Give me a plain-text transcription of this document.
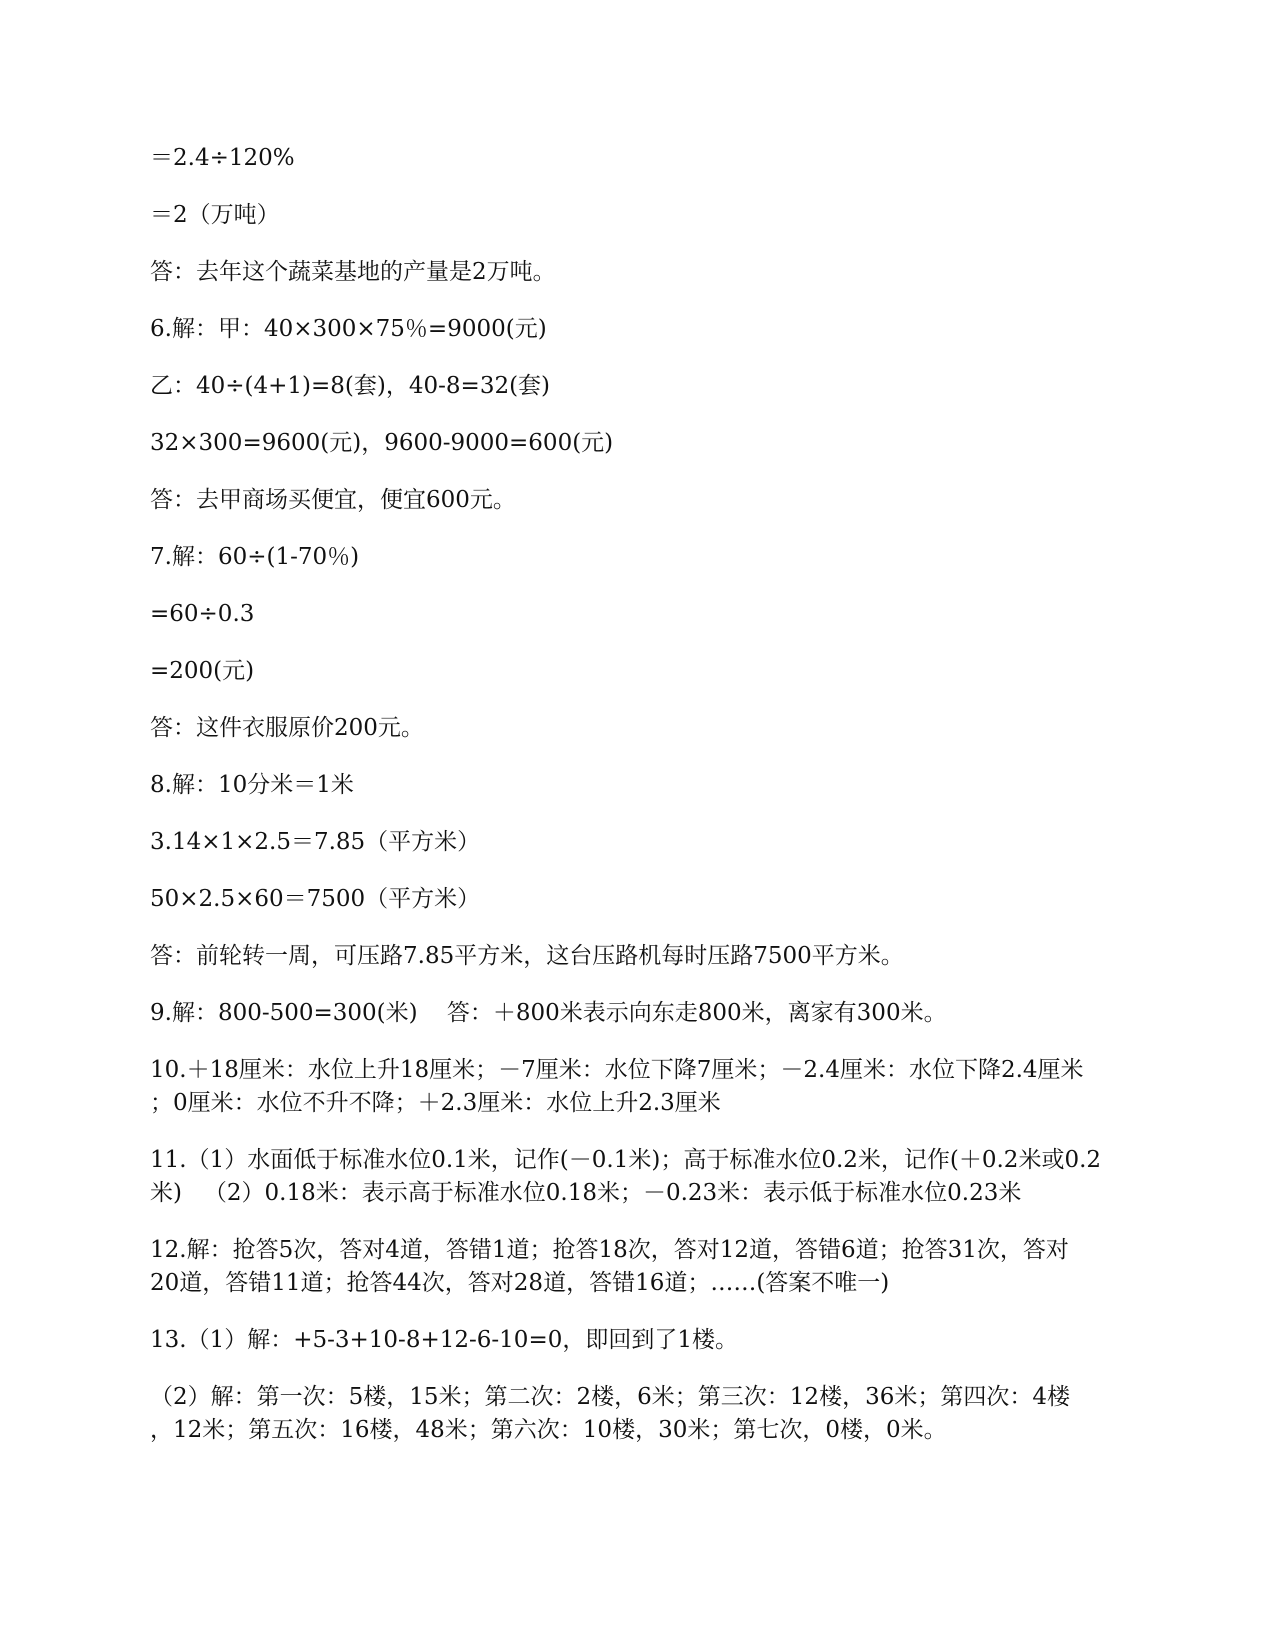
＝2.4÷120%
＝2（万吨）
答：去年这个蔬菜基地的产量是2万吨。
6.解：甲：40×300×75％=9000(元)
乙：40÷(4+1)=8(套)，40-8=32(套)
32×300=9600(元)，9600-9000=600(元)
答：去甲商场买便宜，便宜600元。
7.解：60÷(1-70％)
=60÷0.3
=200(元)
答：这件衣服原价200元。
8.解：10分米＝1米
3.14×1×2.5＝7.85（平方米）
50×2.5×60＝7500（平方米）
答：前轮转一周，可压路7.85平方米，这台压路机每时压路7500平方米。
9.解：800-500=300(米)    答：＋800米表示向东走800米，离家有300米。
10.＋18厘米：水位上升18厘米；－7厘米：水位下降7厘米；－2.4厘米：水位下降2.4厘米
；0厘米：水位不升不降；＋2.3厘米：水位上升2.3厘米
11.（1）水面低于标准水位0.1米，记作(－0.1米)；高于标准水位0.2米，记作(＋0.2米或0.2
米)   （2）0.18米：表示高于标准水位0.18米；－0.23米：表示低于标准水位0.23米
12.解：抢答5次，答对4道，答错1道；抢答18次，答对12道，答错6道；抢答31次，答对
20道，答错11道；抢答44次，答对28道，答错16道；……(答案不唯一)
13.（1）解：+5-3+10-8+12-6-10=0，即回到了1楼。
（2）解：第一次：5楼，15米；第二次：2楼，6米；第三次：12楼，36米；第四次：4楼
，12米；第五次：16楼，48米；第六次：10楼，30米；第七次，0楼，0米。
